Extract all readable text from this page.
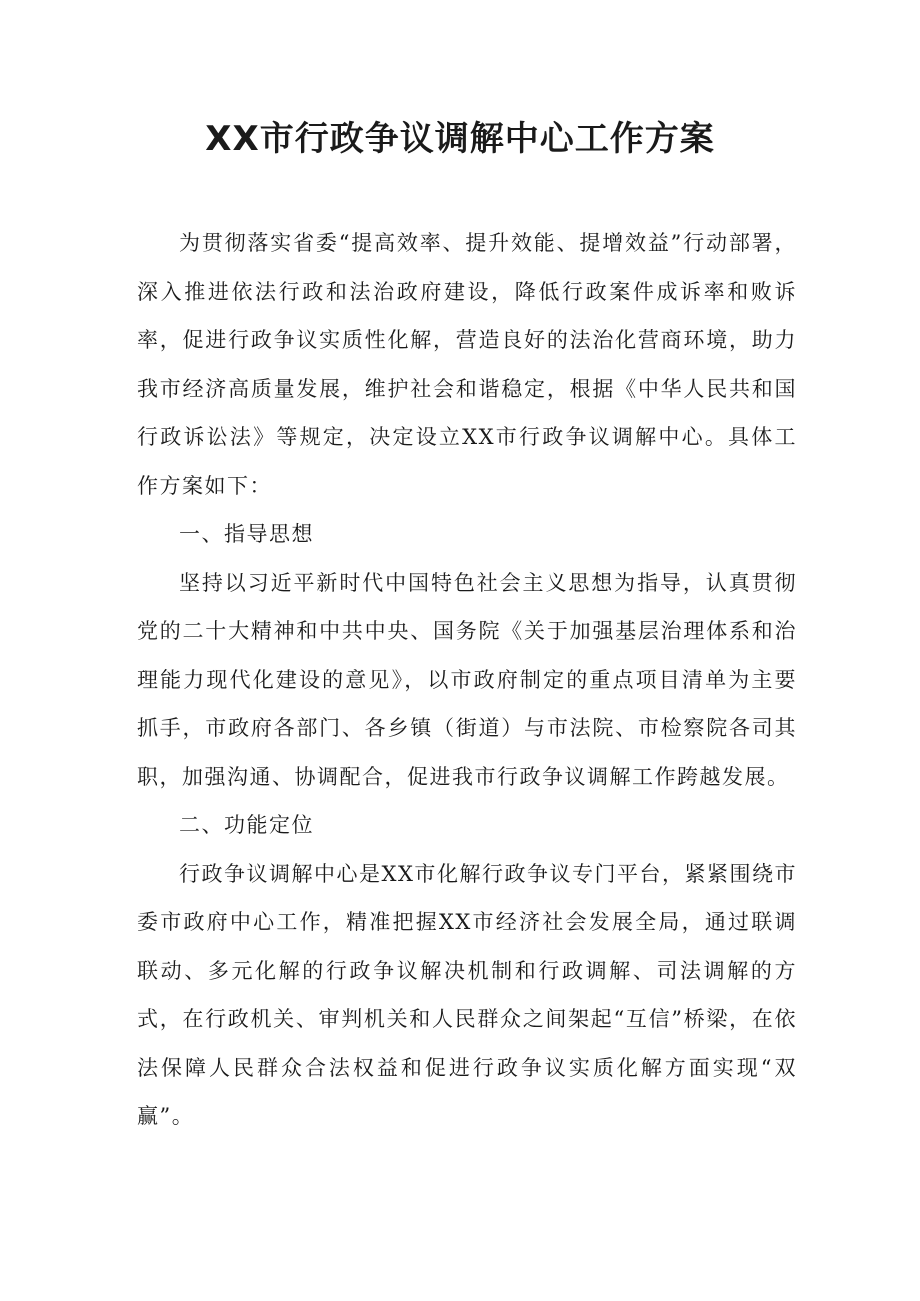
XX市行政争议调解中心工作方案

为贯彻落实省委“提高效率、提升效能、提增效益”行动部署，深入推进依法行政和法治政府建设，降低行政案件成诉率和败诉率，促进行政争议实质性化解，营造良好的法治化营商环境，助力我市经济高质量发展，维护社会和谐稳定，根据《中华人民共和国行政诉讼法》等规定，决定设立XX市行政争议调解中心。具体工作方案如下：

一、指导思想

坚持以习近平新时代中国特色社会主义思想为指导，认真贯彻党的二十大精神和中共中央、国务院《关于加强基层治理体系和治理能力现代化建设的意见》，以市政府制定的重点项目清单为主要抓手，市政府各部门、各乡镇（街道）与市法院、市检察院各司其职，加强沟通、协调配合，促进我市行政争议调解工作跨越发展。

二、功能定位

行政争议调解中心是XX市化解行政争议专门平台，紧紧围绕市委市政府中心工作，精准把握XX市经济社会发展全局，通过联调联动、多元化解的行政争议解决机制和行政调解、司法调解的方式，在行政机关、审判机关和人民群众之间架起“互信”桥梁，在依法保障人民群众合法权益和促进行政争议实质化解方面实现“双赢”。
